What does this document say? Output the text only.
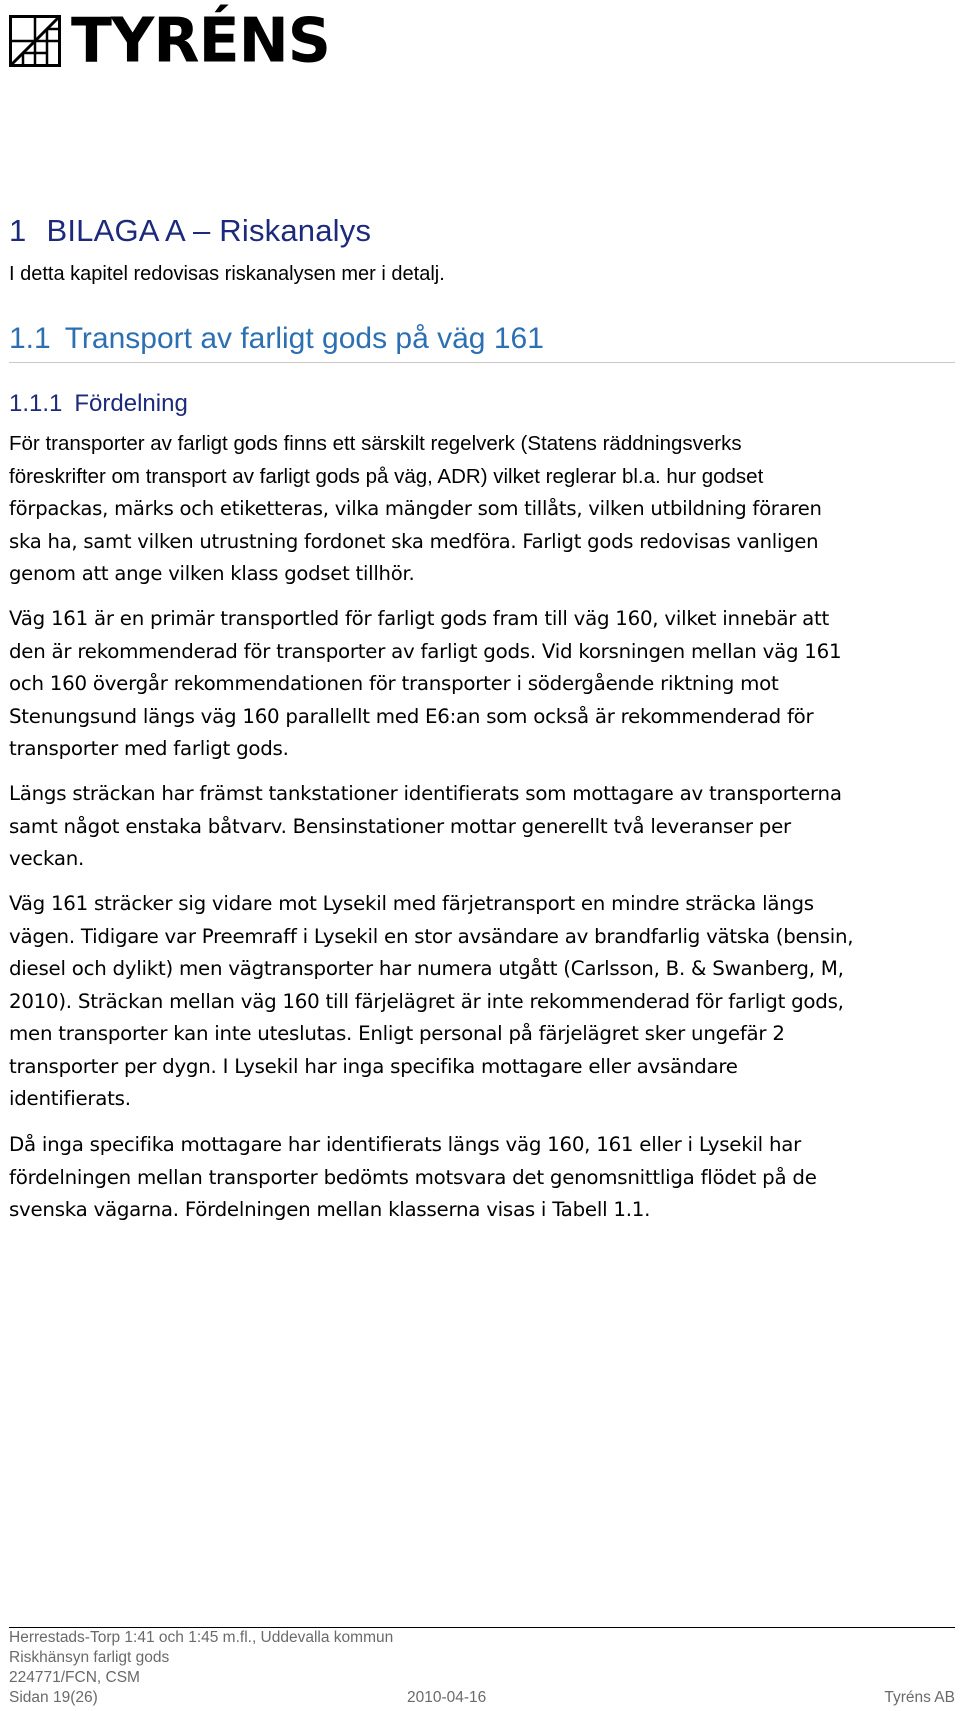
TYRÉNS
1 BILAGA A – Riskanalys
I detta kapitel redovisas riskanalysen mer i detalj.
1.1 Transport av farligt gods på väg 161
1.1.1 Fördelning
För transporter av farligt gods finns ett särskilt regelverk (Statens räddningsverks
föreskrifter om transport av farligt gods på väg, ADR) vilket reglerar bl.a. hur godset
förpackas, märks och etiketteras, vilka mängder som tillåts, vilken utbildning föraren
ska ha, samt vilken utrustning fordonet ska medföra. Farligt gods redovisas vanligen
genom att ange vilken klass godset tillhör.
Väg 161 är en primär transportled för farligt gods fram till väg 160, vilket innebär att
den är rekommenderad för transporter av farligt gods. Vid korsningen mellan väg 161
och 160 övergår rekommendationen för transporter i södergående riktning mot
Stenungsund längs väg 160 parallellt med E6:an som också är rekommenderad för
transporter med farligt gods.
Längs sträckan har främst tankstationer identifierats som mottagare av transporterna
samt något enstaka båtvarv. Bensinstationer mottar generellt två leveranser per
veckan.
Väg 161 sträcker sig vidare mot Lysekil med färjetransport en mindre sträcka längs
vägen. Tidigare var Preemraff i Lysekil en stor avsändare av brandfarlig vätska (bensin,
diesel och dylikt) men vägtransporter har numera utgått (Carlsson, B. & Swanberg, M,
2010). Sträckan mellan väg 160 till färjelägret är inte rekommenderad för farligt gods,
men transporter kan inte uteslutas. Enligt personal på färjelägret sker ungefär 2
transporter per dygn. I Lysekil har inga specifika mottagare eller avsändare
identifierats.
Då inga specifika mottagare har identifierats längs väg 160, 161 eller i Lysekil har
fördelningen mellan transporter bedömts motsvara det genomsnittliga flödet på de
svenska vägarna. Fördelningen mellan klasserna visas i Tabell 1.1.
Herrestads-Torp 1:41 och 1:45 m.fl., Uddevalla kommun
Riskhänsyn farligt gods
224771/FCN, CSM
Sidan 19(26)	2010-04-16	Tyréns AB
